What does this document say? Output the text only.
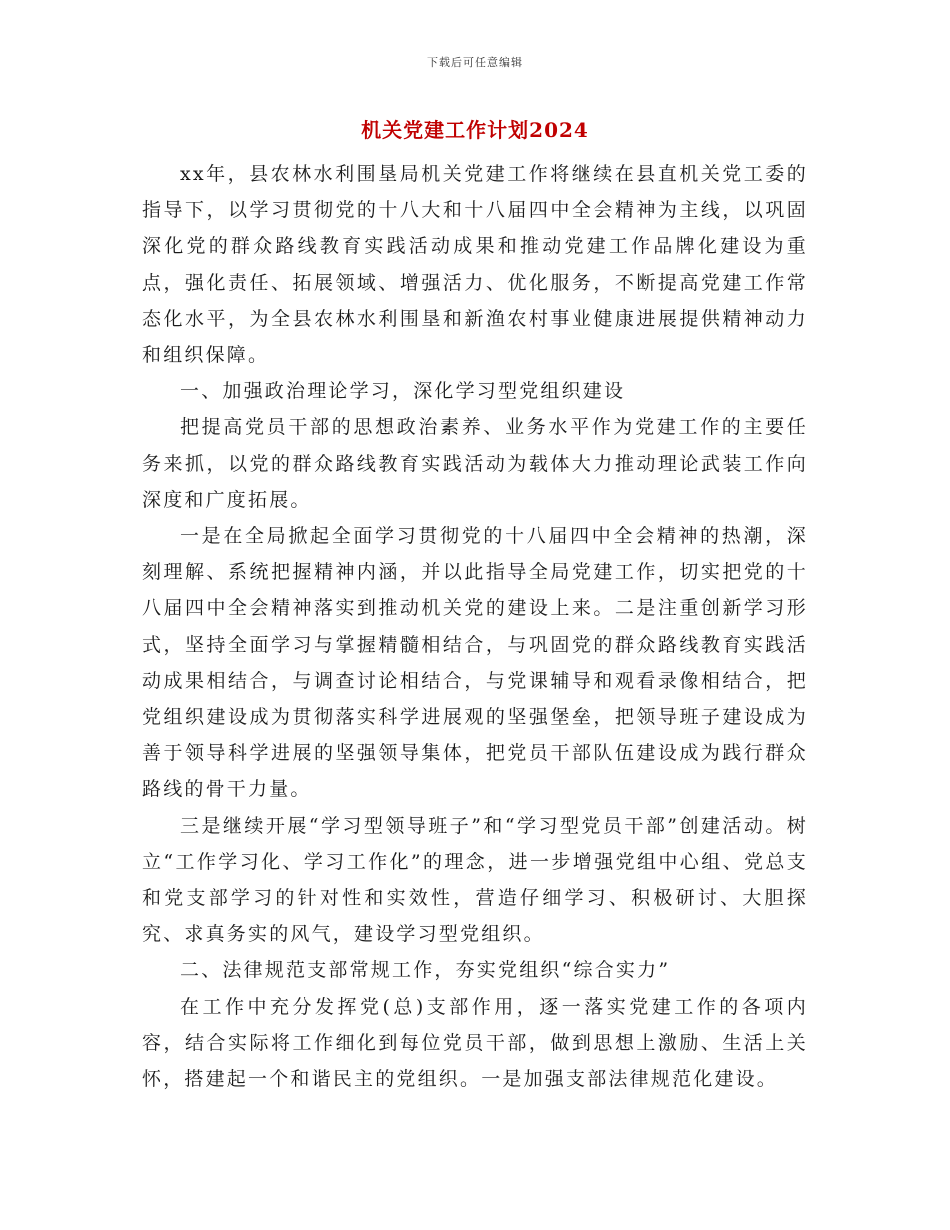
下载后可任意编辑
机关党建工作计划2024

xx年，县农林水利围垦局机关党建工作将继续在县直机关党工委的指导下，以学习贯彻党的十八大和十八届四中全会精神为主线，以巩固深化党的群众路线教育实践活动成果和推动党建工作品牌化建设为重点，强化责任、拓展领域、增强活力、优化服务，不断提高党建工作常态化水平，为全县农林水利围垦和新渔农村事业健康进展提供精神动力和组织保障。

一、加强政治理论学习，深化学习型党组织建设

把提高党员干部的思想政治素养、业务水平作为党建工作的主要任务来抓，以党的群众路线教育实践活动为载体大力推动理论武装工作向深度和广度拓展。

一是在全局掀起全面学习贯彻党的十八届四中全会精神的热潮，深刻理解、系统把握精神内涵，并以此指导全局党建工作，切实把党的十八届四中全会精神落实到推动机关党的建设上来。二是注重创新学习形式，坚持全面学习与掌握精髓相结合，与巩固党的群众路线教育实践活动成果相结合，与调查讨论相结合，与党课辅导和观看录像相结合，把党组织建设成为贯彻落实科学进展观的坚强堡垒，把领导班子建设成为善于领导科学进展的坚强领导集体，把党员干部队伍建设成为践行群众路线的骨干力量。

三是继续开展“学习型领导班子”和“学习型党员干部”创建活动。树立“工作学习化、学习工作化”的理念，进一步增强党组中心组、党总支和党支部学习的针对性和实效性，营造仔细学习、积极研讨、大胆探究、求真务实的风气，建设学习型党组织。

二、法律规范支部常规工作，夯实党组织“综合实力”

在工作中充分发挥党(总)支部作用，逐一落实党建工作的各项内容，结合实际将工作细化到每位党员干部，做到思想上激励、生活上关怀，搭建起一个和谐民主的党组织。一是加强支部法律规范化建设。
